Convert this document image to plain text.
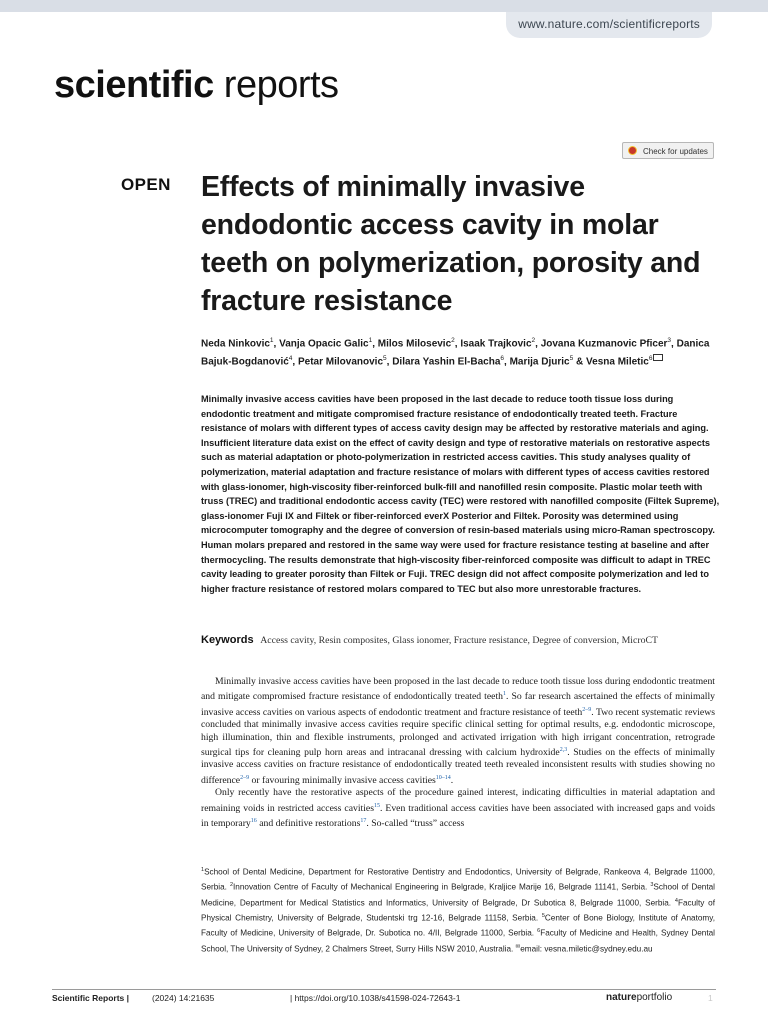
www.nature.com/scientificreports
scientific reports
Check for updates
OPEN Effects of minimally invasive endodontic access cavity in molar teeth on polymerization, porosity and fracture resistance
Neda Ninkovic$^1$, Vanja Opacic Galic$^1$, Milos Milosevic$^2$, Isaak Trajkovic$^2$, Jovana Kuzmanovic Pficer$^3$, Danica Bajuk-Bogdanović$^4$, Petar Milovanovic$^5$, Dilara Yashin El-Bacha$^6$, Marija Djuric$^5$ & Vesna Miletic$^6$

Minimally invasive access cavities have been proposed in the last decade to reduce tooth tissue loss during endodontic treatment and mitigate compromised fracture resistance of endodontically treated teeth. Fracture resistance of molars with different types of access cavity design may be affected by restorative materials and aging. Insufficient literature data exist on the effect of cavity design and type of restorative materials on restorative aspects such as material adaptation or photo-polymerization in restricted access cavities. This study analyses quality of polymerization, material adaptation and fracture resistance of molars with different types of access cavities restored with glass-ionomer, high-viscosity fiber-reinforced bulk-fill and nanofilled resin composite. Plastic molar teeth with truss (TREC) and traditional endodontic access cavity (TEC) were restored with nanofilled composite (Filtek Supreme), glass-ionomer Fuji IX and Filtek or fiber-reinforced everX Posterior and Filtek. Porosity was determined using microcomputer tomography and the degree of conversion of resin-based materials using micro-Raman spectroscopy. Human molars prepared and restored in the same way were used for fracture resistance testing at baseline and after thermocycling. The results demonstrate that high-viscosity fiber-reinforced composite was difficult to adapt in TREC cavity leading to greater porosity than Filtek or Fuji. TREC design did not affect composite polymerization and led to higher fracture resistance of restored molars compared to TEC but also more unrestorable fractures.

Keywords Access cavity, Resin composites, Glass ionomer, Fracture resistance, Degree of conversion, MicroCT

Minimally invasive access cavities have been proposed in the last decade to reduce tooth tissue loss during endodontic treatment and mitigate compromised fracture resistance of endodontically treated teeth$^1$. So far research ascertained the effects of minimally invasive access cavities on various aspects of endodontic treatment and fracture resistance of teeth$^{2-9}$. Two recent systematic reviews concluded that minimally invasive access cavities require specific clinical setting for optimal results, e.g. endodontic microscope, high illumination, thin and flexible instruments, prolonged and activated irrigation with high irrigant concentration, retrograde surgical tips for cleaning pulp horn areas and intracanal dressing with calcium hydroxide$^{2,3}$. Studies on the effects of minimally invasive access cavities on fracture resistance of endodontically treated teeth revealed inconsistent results with studies showing no difference$^{2-9}$ or favouring minimally invasive access cavities$^{10-14}$.

Only recently have the restorative aspects of the procedure gained interest, indicating difficulties in material adaptation and remaining voids in restricted access cavities$^{15}$. Even traditional access cavities have been associated with increased gaps and voids in temporary$^{16}$ and definitive restorations$^{17}$. So-called “truss” access

$^1$School of Dental Medicine, Department for Restorative Dentistry and Endodontics, University of Belgrade, Rankeova 4, Belgrade 11000, Serbia. $^2$Innovation Centre of Faculty of Mechanical Engineering in Belgrade, Kraljice Marije 16, Belgrade 11141, Serbia. $^3$School of Dental Medicine, Department for Medical Statistics and Informatics, University of Belgrade, Dr Subotica 8, Belgrade 11000, Serbia. $^4$Faculty of Physical Chemistry, University of Belgrade, Studentski trg 12-16, Belgrade 11158, Serbia. $^5$Center of Bone Biology, Institute of Anatomy, Faculty of Medicine, University of Belgrade, Dr. Subotica no. 4/II, Belgrade 11000, Serbia. $^6$Faculty of Medicine and Health, Sydney Dental School, The University of Sydney, 2 Chalmers Street, Surry Hills NSW 2010, Australia. ✉email: vesna.miletic@sydney.edu.au
Scientific Reports |	(2024) 14:21635	| https://doi.org/10.1038/s41598-024-72643-1	natureportfolio	1
